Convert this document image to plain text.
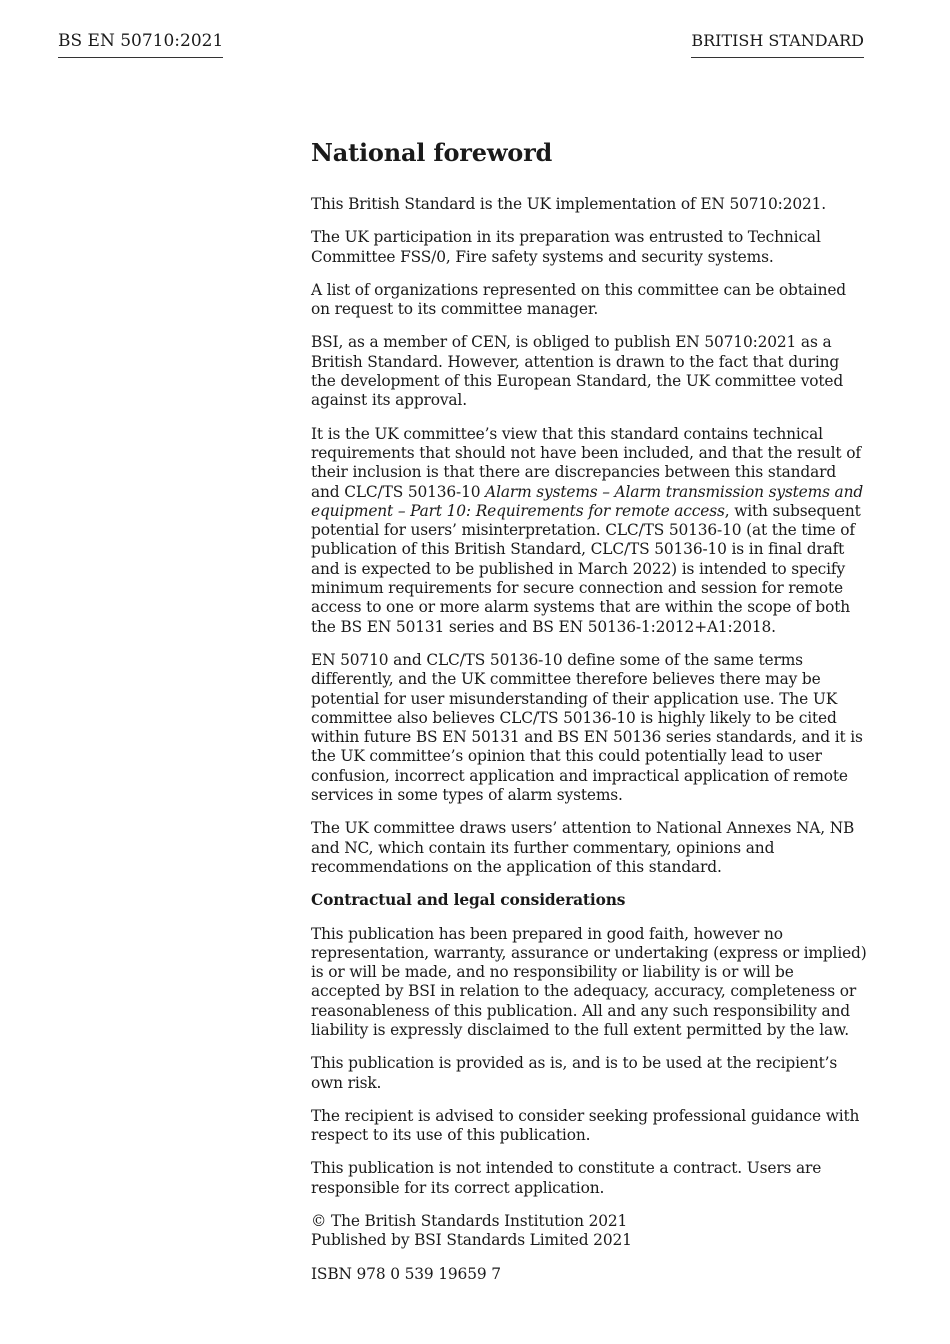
BS EN 50710:2021	BRITISH STANDARD
National foreword

This British Standard is the UK implementation of EN 50710:2021.

The UK participation in its preparation was entrusted to Technical Committee FSS/0, Fire safety systems and security systems.

A list of organizations represented on this committee can be obtained on request to its committee manager.

BSI, as a member of CEN, is obliged to publish EN 50710:2021 as a British Standard. However, attention is drawn to the fact that during the development of this European Standard, the UK committee voted against its approval.

It is the UK committee’s view that this standard contains technical requirements that should not have been included, and that the result of their inclusion is that there are discrepancies between this standard and CLC/TS 50136-10 Alarm systems – Alarm transmission systems and equipment – Part 10: Requirements for remote access, with subsequent potential for users’ misinterpretation. CLC/TS 50136-10 (at the time of publication of this British Standard, CLC/TS 50136-10 is in final draft and is expected to be published in March 2022) is intended to specify minimum requirements for secure connection and session for remote access to one or more alarm systems that are within the scope of both the BS EN 50131 series and BS EN 50136-1:2012+A1:2018.

EN 50710 and CLC/TS 50136-10 define some of the same terms differently, and the UK committee therefore believes there may be potential for user misunderstanding of their application use. The UK committee also believes CLC/TS 50136-10 is highly likely to be cited within future BS EN 50131 and BS EN 50136 series standards, and it is the UK committee’s opinion that this could potentially lead to user confusion, incorrect application and impractical application of remote services in some types of alarm systems.

The UK committee draws users’ attention to National Annexes NA, NB and NC, which contain its further commentary, opinions and recommendations on the application of this standard.

Contractual and legal considerations

This publication has been prepared in good faith, however no representation, warranty, assurance or undertaking (express or implied) is or will be made, and no responsibility or liability is or will be accepted by BSI in relation to the adequacy, accuracy, completeness or reasonableness of this publication. All and any such responsibility and liability is expressly disclaimed to the full extent permitted by the law.

This publication is provided as is, and is to be used at the recipient’s own risk.

The recipient is advised to consider seeking professional guidance with respect to its use of this publication.

This publication is not intended to constitute a contract. Users are responsible for its correct application.

© The British Standards Institution 2021
Published by BSI Standards Limited 2021

ISBN 978 0 539 19659 7
